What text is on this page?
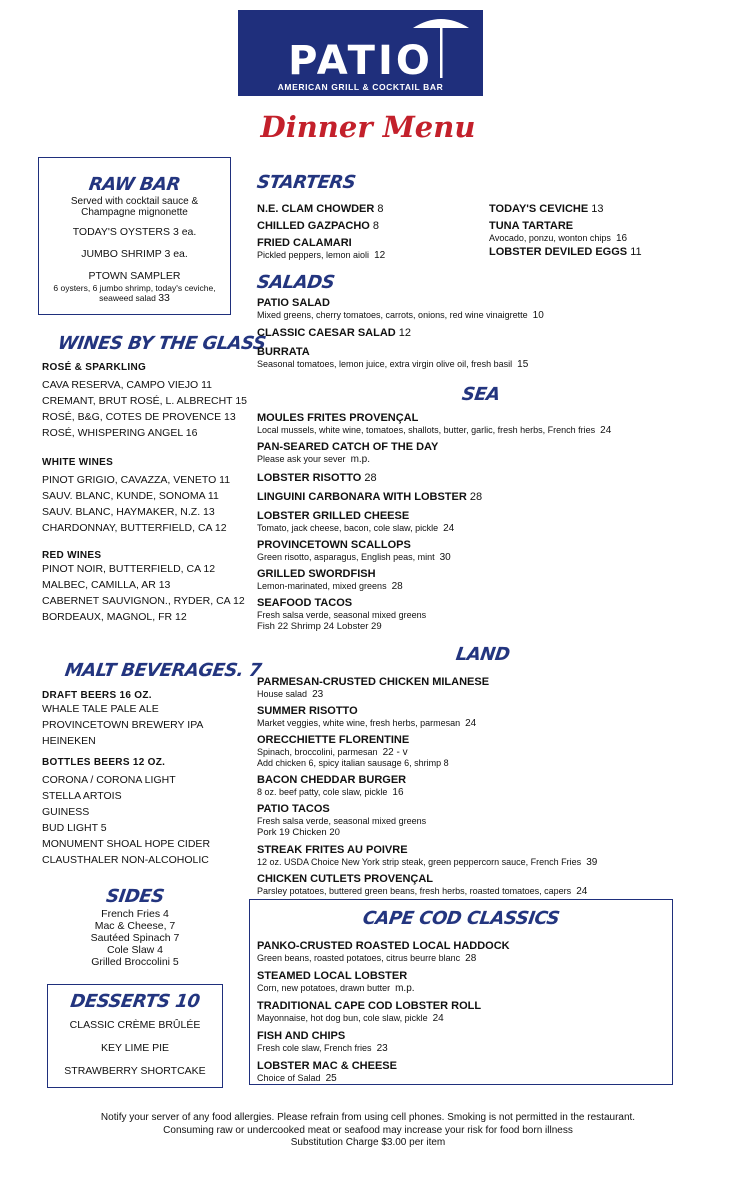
PATIO
AMERICAN GRILL & COCKTAIL BAR
Dinner Menu
RAW BAR
Served with cocktail sauce &
Champagne mignonette
TODAY'S OYSTERS 3 ea.
JUMBO SHRIMP 3 ea.
PTOWN SAMPLER
6 oysters, 6 jumbo shrimp, today's ceviche,
seaweed salad 33
WINES BY THE GLASS
ROSÉ & SPARKLING
CAVA RESERVA, CAMPO VIEJO 11
CREMANT, BRUT ROSÉ, L. ALBRECHT 15
ROSÉ, B&G, COTES DE PROVENCE 13
ROSÉ, WHISPERING ANGEL 16
WHITE WINES
PINOT GRIGIO, CAVAZZA, VENETO 11
SAUV. BLANC, KUNDE, SONOMA 11
SAUV. BLANC, HAYMAKER, N.Z. 13
CHARDONNAY, BUTTERFIELD, CA 12
RED WINES
PINOT NOIR, BUTTERFIELD, CA 12
MALBEC, CAMILLA, AR 13
CABERNET SAUVIGNON., RYDER, CA 12
BORDEAUX, MAGNOL, FR 12
MALT BEVERAGES. 7
DRAFT BEERS 16 OZ.
WHALE TALE PALE ALE
PROVINCETOWN BREWERY IPA
HEINEKEN
BOTTLES BEERS 12 OZ.
CORONA / CORONA LIGHT
STELLA ARTOIS
GUINESS
BUD LIGHT 5
MONUMENT SHOAL HOPE CIDER
CLAUSTHALER NON-ALCOHOLIC
SIDES
French Fries 4
Mac & Cheese, 7
Sautéed Spinach 7
Cole Slaw 4
Grilled Broccolini 5
DESSERTS 10
CLASSIC CRÈME BRÛLÉE
KEY LIME PIE
STRAWBERRY SHORTCAKE
STARTERS
N.E. CLAM CHOWDER 8
CHILLED GAZPACHO 8
FRIED CALAMARI
Pickled peppers, lemon aioli 12
TODAY'S CEVICHE 13
TUNA TARTARE
Avocado, ponzu, wonton chips 16
LOBSTER DEVILED EGGS 11
SALADS
PATIO SALAD
Mixed greens, cherry tomatoes, carrots, onions, red wine vinaigrette 10
CLASSIC CAESAR SALAD 12
BURRATA
Seasonal tomatoes, lemon juice, extra virgin olive oil, fresh basil 15
SEA
MOULES FRITES PROVENÇAL
Local mussels, white wine, tomatoes, shallots, butter, garlic, fresh herbs, French fries 24
PAN-SEARED CATCH OF THE DAY
Please ask your sever m.p.
LOBSTER RISOTTO 28
LINGUINI CARBONARA WITH LOBSTER 28
LOBSTER GRILLED CHEESE
Tomato, jack cheese, bacon, cole slaw, pickle 24
PROVINCETOWN SCALLOPS
Green risotto, asparagus, English peas, mint 30
GRILLED SWORDFISH
Lemon-marinated, mixed greens 28
SEAFOOD TACOS
Fresh salsa verde, seasonal mixed greens
Fish 22 Shrimp 24 Lobster 29
LAND
PARMESAN-CRUSTED CHICKEN MILANESE
House salad 23
SUMMER RISOTTO
Market veggies, white wine, fresh herbs, parmesan 24
ORECCHIETTE FLORENTINE
Spinach, broccolini, parmesan 22 - v
Add chicken 6, spicy italian sausage 6, shrimp 8
BACON CHEDDAR BURGER
8 oz. beef patty, cole slaw, pickle 16
PATIO TACOS
Fresh salsa verde, seasonal mixed greens
Pork 19 Chicken 20
STREAK FRITES AU POIVRE
12 oz. USDA Choice New York strip steak, green peppercorn sauce, French Fries 39
CHICKEN CUTLETS PROVENÇAL
Parsley potatoes, buttered green beans, fresh herbs, roasted tomatoes, capers 24
CAPE COD CLASSICS
PANKO-CRUSTED ROASTED LOCAL HADDOCK
Green beans, roasted potatoes, citrus beurre blanc 28
STEAMED LOCAL LOBSTER
Corn, new potatoes, drawn butter m.p.
TRADITIONAL CAPE COD LOBSTER ROLL
Mayonnaise, hot dog bun, cole slaw, pickle 24
FISH AND CHIPS
Fresh cole slaw, French fries 23
LOBSTER MAC & CHEESE
Choice of Salad 25
Notify your server of any food allergies. Please refrain from using cell phones. Smoking is not permitted in the restaurant.
Consuming raw or undercooked meat or seafood may increase your risk for food born illness
Substitution Charge $3.00 per item
